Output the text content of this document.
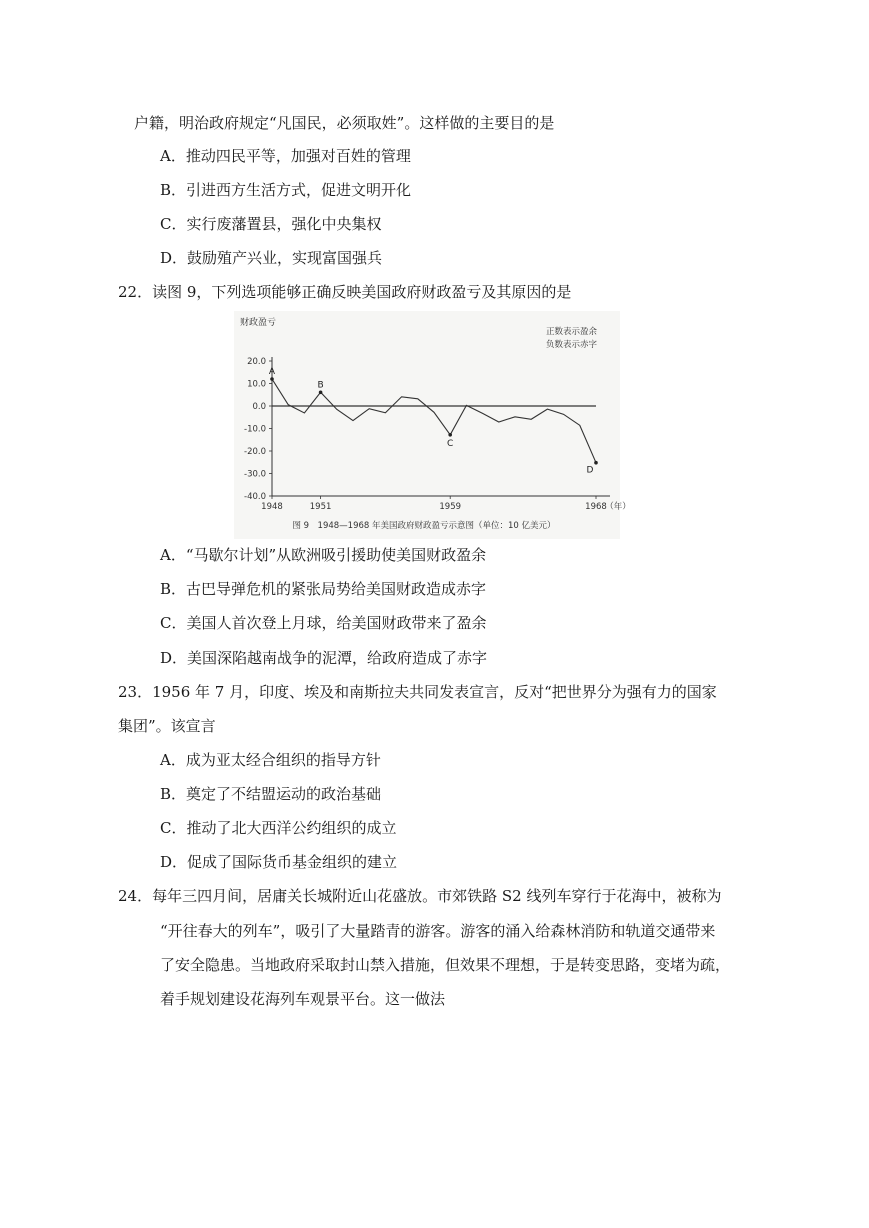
户籍，明治政府规定“凡国民，必须取姓”。这样做的主要目的是
A．推动四民平等，加强对百姓的管理
B．引进西方生活方式，促进文明开化
C．实行废藩置县，强化中央集权
D．鼓励殖产兴业，实现富国强兵
22．读图 9，下列选项能够正确反映美国政府财政盈亏及其原因的是
财政盈亏
正数表示盈余
负数表示赤字
20.0
10.0
0.0
-10.0
-20.0
-30.0
-40.0
1948	1951	1959	1968
（年）
A
B
C
D
图 9　1948—1968 年美国政府财政盈亏示意图（单位：10 亿美元）
A．“马歇尔计划”从欧洲吸引援助使美国财政盈余
B．古巴导弹危机的紧张局势给美国财政造成赤字
C．美国人首次登上月球，给美国财政带来了盈余
D．美国深陷越南战争的泥潭，给政府造成了赤字
23．1956 年 7 月，印度、埃及和南斯拉夫共同发表宣言，反对“把世界分为强有力的国家
集团”。该宣言
A．成为亚太经合组织的指导方针
B．奠定了不结盟运动的政治基础
C．推动了北大西洋公约组织的成立
D．促成了国际货币基金组织的建立
24．每年三四月间，居庸关长城附近山花盛放。市郊铁路 S2 线列车穿行于花海中，被称为
“开往春大的列车”，吸引了大量踏青的游客。游客的涌入给森林消防和轨道交通带来
了安全隐患。当地政府采取封山禁入措施，但效果不理想，于是转变思路，变堵为疏，
着手规划建设花海列车观景平台。这一做法
